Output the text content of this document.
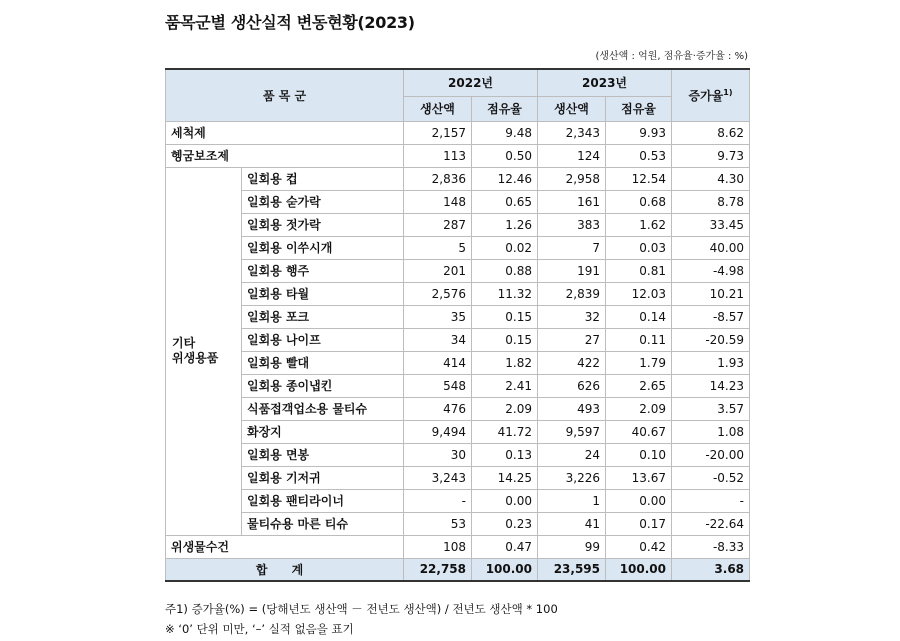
품목군별 생산실적 변동현황(2023)
(생산액 : 억원, 점유율·증가율 : %)
품 목 군		2022년		2023년		증가율$^{1)}$
		생산액	점유율	생산액	점유율	
세척제		2,157	9.48	2,343	9.93	8.62
헹굼보조제		113	0.50	124	0.53	9.73

기타
위생용품	일회용 컵	2,836	12.46	2,958	12.54	4.30
	일회용 숟가락	148	0.65	161	0.68	8.78
	일회용 젓가락	287	1.26	383	1.62	33.45
	일회용 이쑤시개	5	0.02	7	0.03	40.00
	일회용 행주	201	0.88	191	0.81	-4.98
	일회용 타월	2,576	11.32	2,839	12.03	10.21
	일회용 포크	35	0.15	32	0.14	-8.57
	일회용 나이프	34	0.15	27	0.11	-20.59
	일회용 빨대	414	1.82	422	1.79	1.93
	일회용 종이냅킨	548	2.41	626	2.65	14.23
	식품접객업소용 물티슈	476	2.09	493	2.09	3.57
	화장지	9,494	41.72	9,597	40.67	1.08
	일회용 면봉	30	0.13	24	0.10	-20.00
	일회용 기저귀	3,243	14.25	3,226	13.67	-0.52
	일회용 팬티라이너	-	0.00	1	0.00	-
	물티슈용 마른 티슈	53	0.23	41	0.17	-22.64
위생물수건		108	0.47	99	0.42	-8.33
합 계		22,758	100.00	23,595	100.00	3.68
주1) 증가율(%) = (당해년도 생산액 － 전년도 생산액) / 전년도 생산액 * 100
※ ‘0’ 단위 미만, ‘–’ 실적 없음을 표기
